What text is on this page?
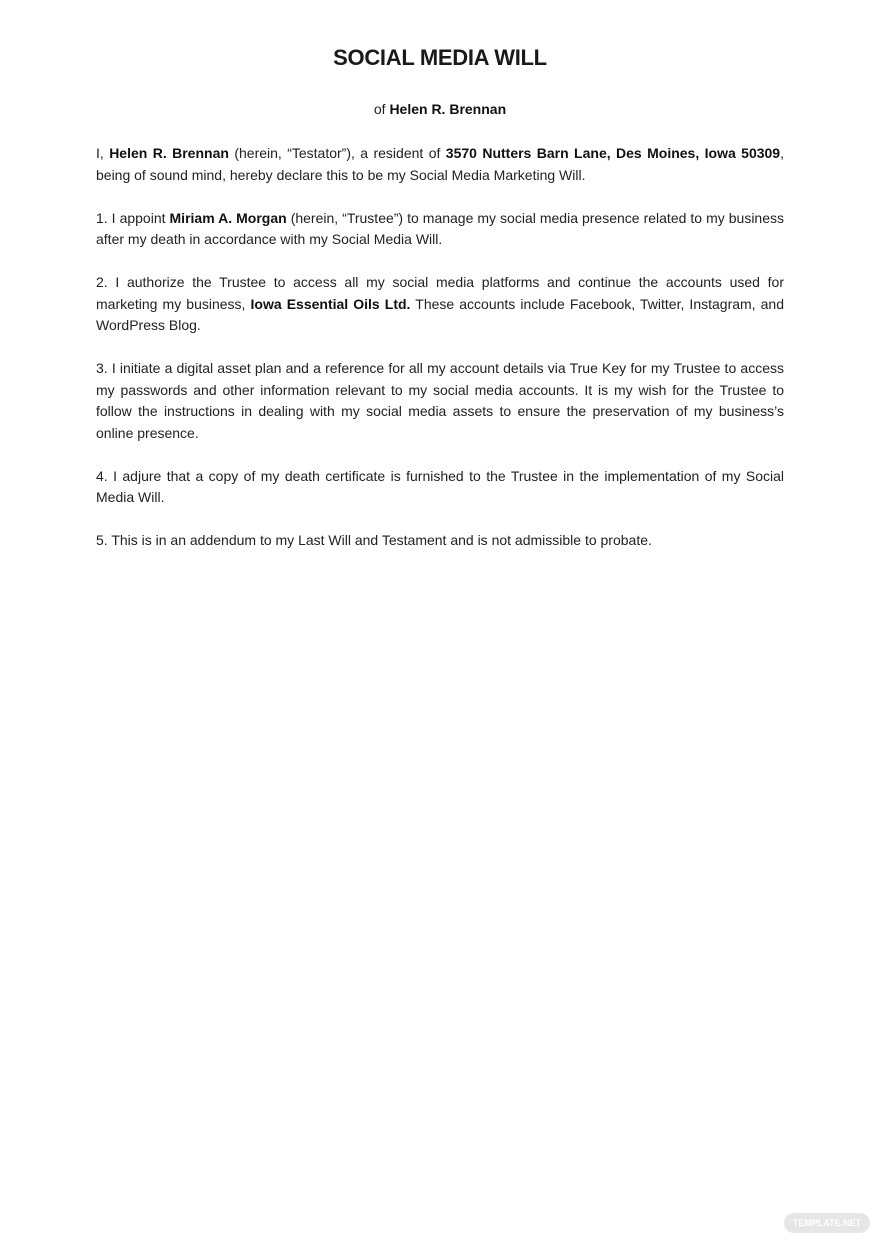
SOCIAL MEDIA WILL
of Helen R. Brennan

I, Helen R. Brennan (herein, “Testator”), a resident of 3570 Nutters Barn Lane, Des Moines, Iowa 50309, being of sound mind, hereby declare this to be my Social Media Marketing Will.

1. I appoint Miriam A. Morgan (herein, “Trustee”) to manage my social media presence related to my business after my death in accordance with my Social Media Will.

2. I authorize the Trustee to access all my social media platforms and continue the accounts used for marketing my business, Iowa Essential Oils Ltd. These accounts include Facebook, Twitter, Instagram, and WordPress Blog.

3. I initiate a digital asset plan and a reference for all my account details via True Key for my Trustee to access my passwords and other information relevant to my social media accounts. It is my wish for the Trustee to follow the instructions in dealing with my social media assets to ensure the preservation of my business’s online presence.

4. I adjure that a copy of my death certificate is furnished to the Trustee in the implementation of my Social Media Will.

5. This is in an addendum to my Last Will and Testament and is not admissible to probate.

TEMPLATE.NET
